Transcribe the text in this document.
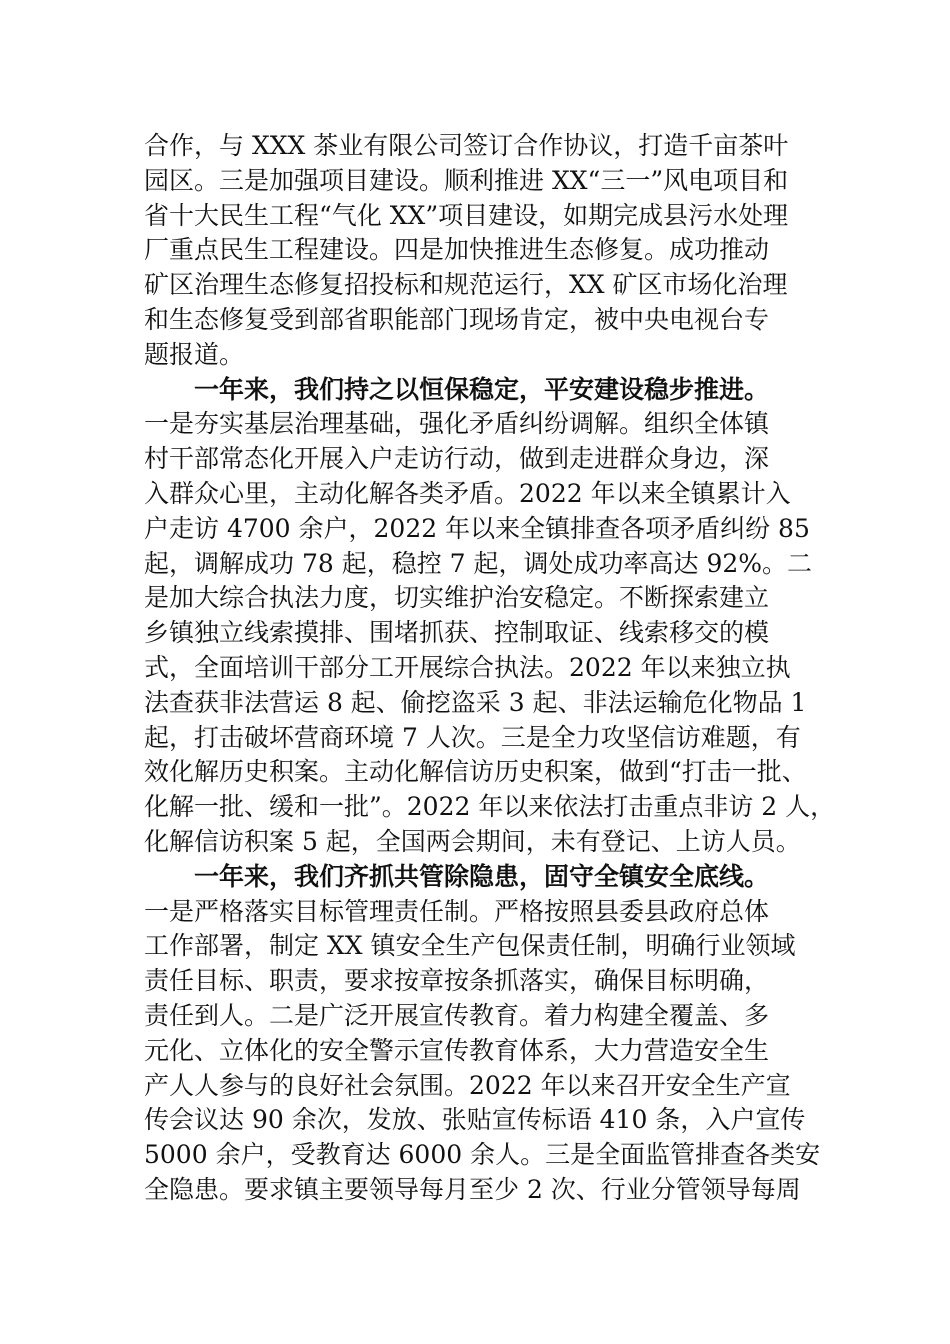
合作，与 XXX 茶业有限公司签订合作协议，打造千亩茶叶
园区。三是加强项目建设。顺利推进 XX“三一”风电项目和
省十大民生工程“气化 XX”项目建设，如期完成县污水处理
厂重点民生工程建设。四是加快推进生态修复。成功推动
矿区治理生态修复招投标和规范运行，XX 矿区市场化治理
和生态修复受到部省职能部门现场肯定，被中央电视台专
题报道。
一年来，我们持之以恒保稳定，平安建设稳步推进。
一是夯实基层治理基础，强化矛盾纠纷调解。组织全体镇
村干部常态化开展入户走访行动，做到走进群众身边，深
入群众心里，主动化解各类矛盾。2022 年以来全镇累计入
户走访 4700 余户，2022 年以来全镇排查各项矛盾纠纷 85
起，调解成功 78 起，稳控 7 起，调处成功率高达 92%。二
是加大综合执法力度，切实维护治安稳定。不断探索建立
乡镇独立线索摸排、围堵抓获、控制取证、线索移交的模
式，全面培训干部分工开展综合执法。2022 年以来独立执
法查获非法营运 8 起、偷挖盗采 3 起、非法运输危化物品 1
起，打击破坏营商环境 7 人次。三是全力攻坚信访难题，有
效化解历史积案。主动化解信访历史积案，做到“打击一批、
化解一批、缓和一批”。2022 年以来依法打击重点非访 2 人，
化解信访积案 5 起，全国两会期间，未有登记、上访人员。
一年来，我们齐抓共管除隐患，固守全镇安全底线。
一是严格落实目标管理责任制。严格按照县委县政府总体
工作部署，制定 XX 镇安全生产包保责任制，明确行业领域
责任目标、职责，要求按章按条抓落实，确保目标明确，
责任到人。二是广泛开展宣传教育。着力构建全覆盖、多
元化、立体化的安全警示宣传教育体系，大力营造安全生
产人人参与的良好社会氛围。2022 年以来召开安全生产宣
传会议达 90 余次，发放、张贴宣传标语 410 条，入户宣传
5000 余户，受教育达 6000 余人。三是全面监管排查各类安
全隐患。要求镇主要领导每月至少 2 次、行业分管领导每周
